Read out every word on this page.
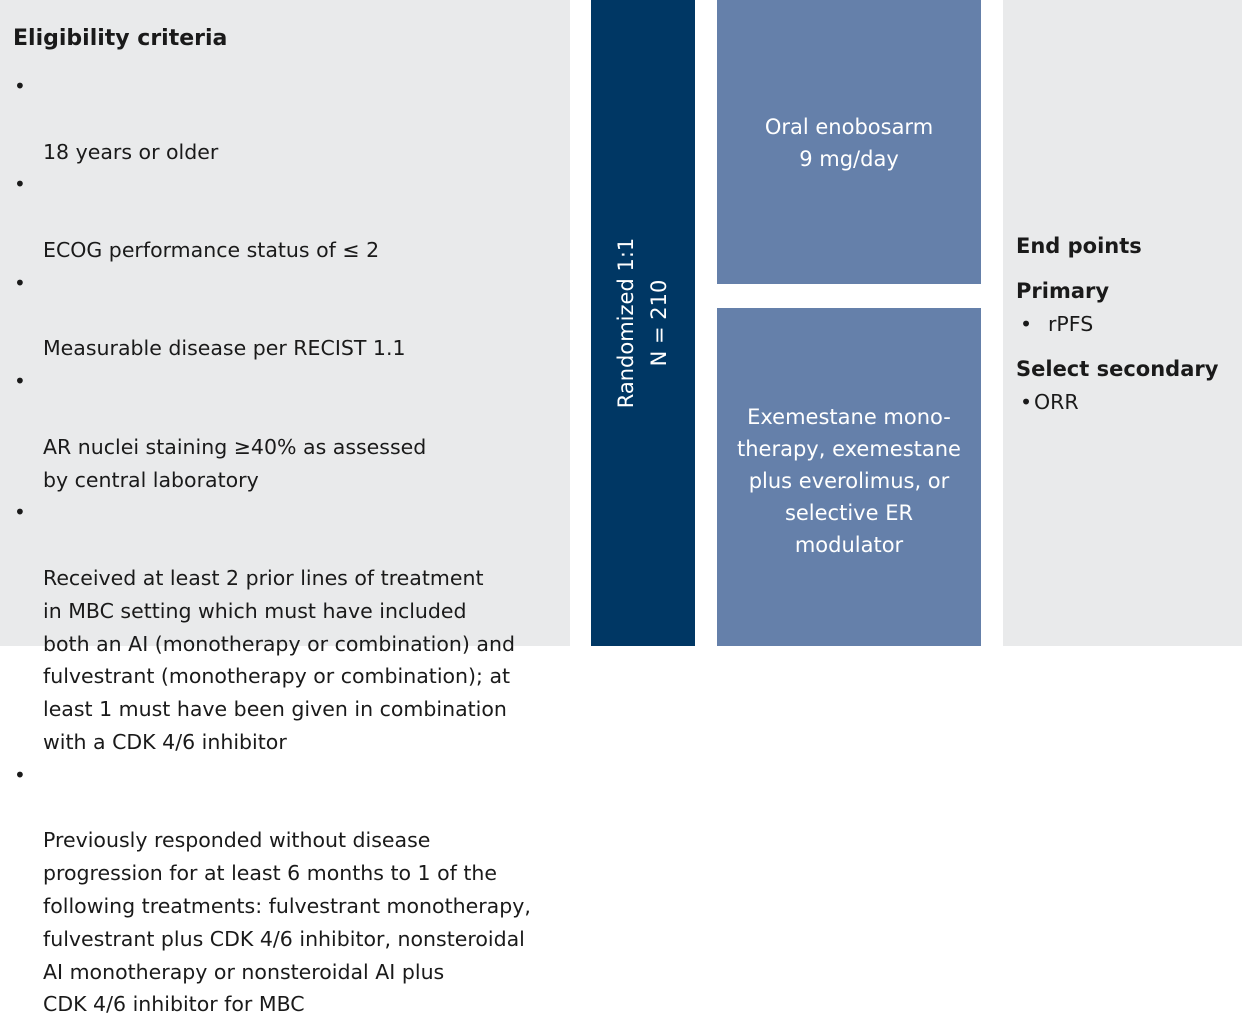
Eligibility criteria

•

18 years or older

•

ECOG performance status of ≤ 2

•

Measurable disease per RECIST 1.1

•

AR nuclei staining ≥40% as assessed
by central laboratory

•

Received at least 2 prior lines of treatment
in MBC setting which must have included
both an AI (monotherapy or combination) and
fulvestrant (monotherapy or combination); at
least 1 must have been given in combination
with a CDK 4/6 inhibitor

•

Previously responded without disease
progression for at least 6 months to 1 of the
following treatments: fulvestrant monotherapy,
fulvestrant plus CDK 4/6 inhibitor, nonsteroidal
AI monotherapy or nonsteroidal AI plus
CDK 4/6 inhibitor for MBC

Randomized 1:1 N = 210
Oral enobosarm
9 mg/day
Exemestane mono-
therapy, exemestane
plus everolimus, or
selective ER
modulator
End points
Primary
• rPFS
Select secondary
•ORR
